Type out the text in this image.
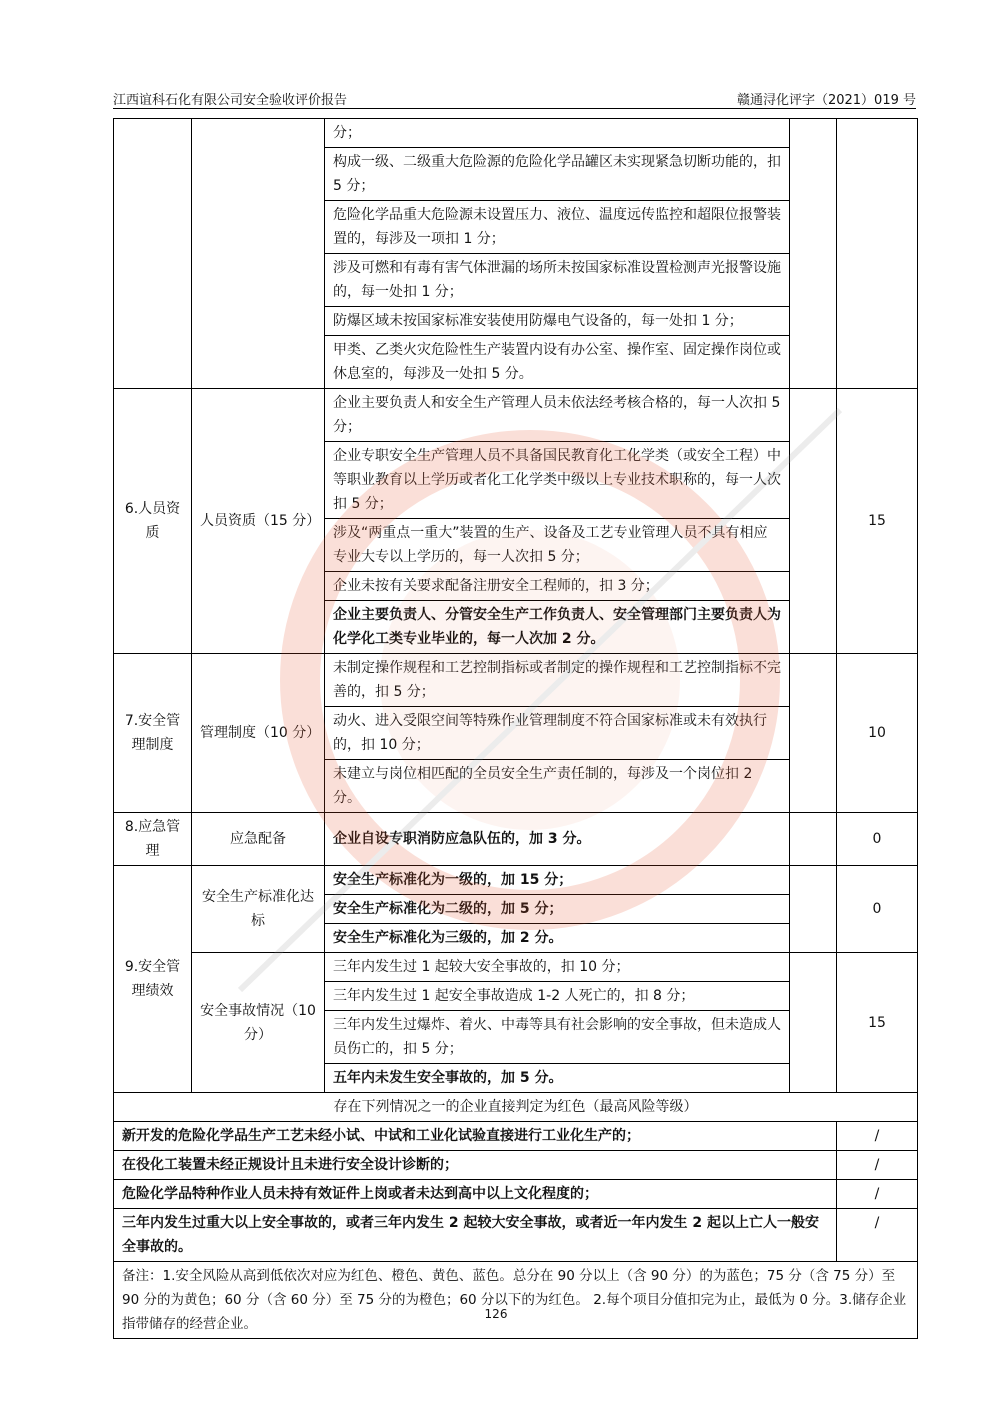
江西谊科石化有限公司安全验收评价报告	赣通浔化评字（2021）019 号
		分；		
		构成一级、二级重大危险源的危险化学品罐区未实现紧急切断功能的，扣 5 分；		
		危险化学品重大危险源未设置压力、液位、温度远传监控和超限位报警装置的，每涉及一项扣 1 分；		
		涉及可燃和有毒有害气体泄漏的场所未按国家标准设置检测声光报警设施的，每一处扣 1 分；		
		防爆区域未按国家标准安装使用防爆电气设备的，每一处扣 1 分；		
		甲类、乙类火灾危险性生产装置内设有办公室、操作室、固定操作岗位或休息室的，每涉及一处扣 5 分。		
6.人员资质	人员资质（15 分）	企业主要负责人和安全生产管理人员未依法经考核合格的，每一人次扣 5 分；		15
		企业专职安全生产管理人员不具备国民教育化工化学类（或安全工程）中等职业教育以上学历或者化工化学类中级以上专业技术职称的，每一人次扣 5 分；		
		涉及“两重点一重大”装置的生产、设备及工艺专业管理人员不具有相应专业大专以上学历的，每一人次扣 5 分；		
		企业未按有关要求配备注册安全工程师的，扣 3 分；		
		企业主要负责人、分管安全生产工作负责人、安全管理部门主要负责人为化学化工类专业毕业的，每一人次加 2 分。		
7.安全管理制度	管理制度（10 分）	未制定操作规程和工艺控制指标或者制定的操作规程和工艺控制指标不完善的，扣 5 分；		10
		动火、进入受限空间等特殊作业管理制度不符合国家标准或未有效执行的，扣 10 分；		
		未建立与岗位相匹配的全员安全生产责任制的，每涉及一个岗位扣 2 分。		
8.应急管理	应急配备	企业自设专职消防应急队伍的，加 3 分。		0
9.安全管理绩效	安全生产标准化达标	安全生产标准化为一级的，加 15 分；		0
		安全生产标准化为二级的，加 5 分；		
		安全生产标准化为三级的，加 2 分。		
	安全事故情况（10 分）	三年内发生过 1 起较大安全事故的，扣 10 分；		15
		三年内发生过 1 起安全事故造成 1-2 人死亡的，扣 8 分；		
		三年内发生过爆炸、着火、中毒等具有社会影响的安全事故，但未造成人员伤亡的，扣 5 分；		
		五年内未发生安全事故的，加 5 分。		
存在下列情况之一的企业直接判定为红色（最高风险等级）				
新开发的危险化学品生产工艺未经小试、中试和工业化试验直接进行工业化生产的；				/
在役化工装置未经正规设计且未进行安全设计诊断的；				/
危险化学品特种作业人员未持有效证件上岗或者未达到高中以上文化程度的；				/
三年内发生过重大以上安全事故的，或者三年内发生 2 起较大安全事故，或者近一年内发生 2 起以上亡人一般安全事故的。				/
备注：1.安全风险从高到低依次对应为红色、橙色、黄色、蓝色。总分在 90 分以上（含 90 分）的为蓝色；75 分（含 75 分）至 90 分的为黄色；60 分（含 60 分）至 75 分的为橙色；60 分以下的为红色。 2.每个项目分值扣完为止，最低为 0 分。3.储存企业指带储存的经营企业。				
126
